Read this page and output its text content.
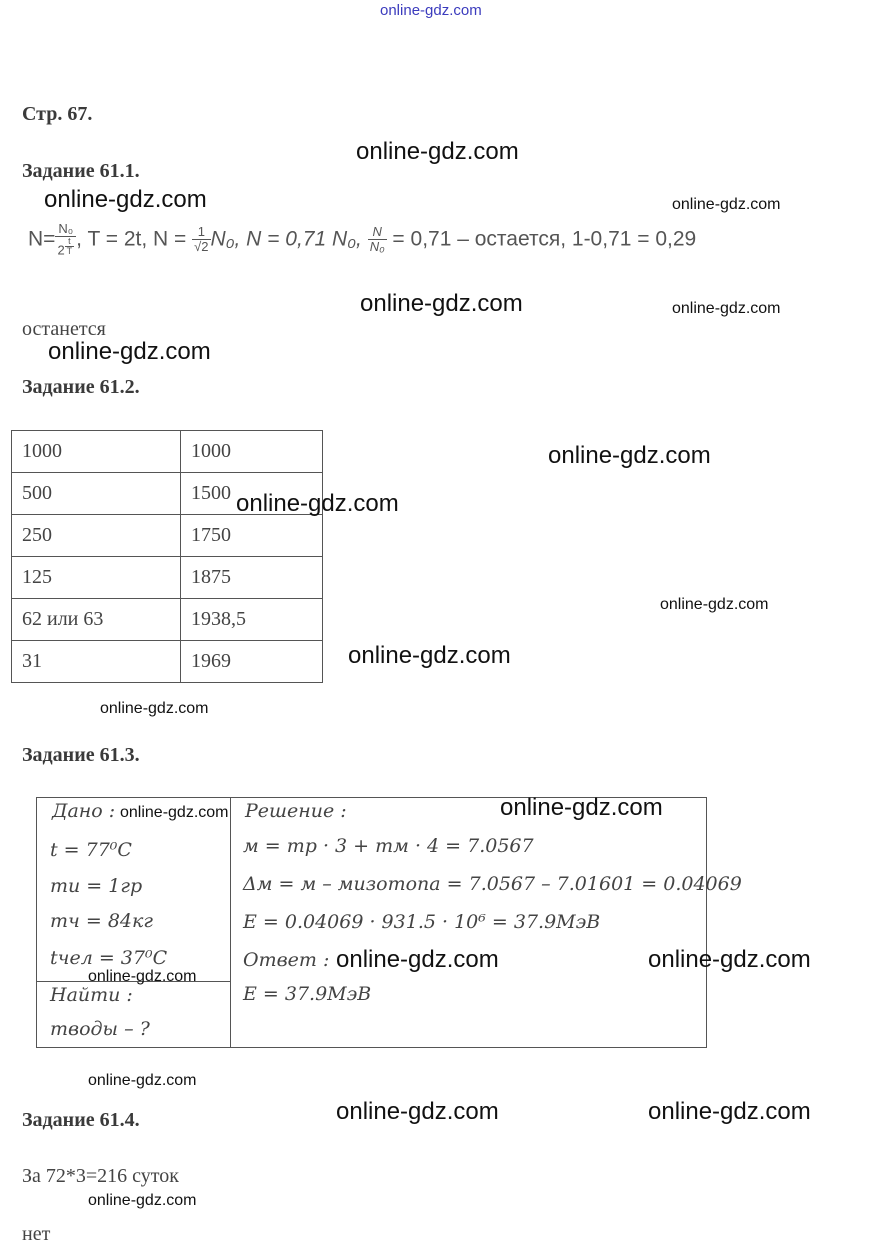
online-gdz.com
Стр. 67.
Задание 61.1.
N= N₀
2 $^{\frac{t}{T}}$ , T = 2t, $N = \frac{1}{√2} N_0$, N = 0,71 N₀, $\frac{N}{\text{N₀}} = 0,71$ – остается, 1-0,71 = 0,29
останется
Задание 61.2.
1000	1000
500	1500
250	1750
125	1875
62 или 63	1938,5
31	1969
Задание 61.3.
Дано :
t = 77⁰C
mи = 1гр
mч = 84кг
tчел = 37⁰C
Найти :
mводы – ?
Решение :
м = mp · 3 + mм · 4 = 7.0567
Δм = м – мизотопа = 7.0567 – 7.01601 = 0.04069
E = 0.04069 · 931.5 · 10⁶ = 37.9МэВ
Ответ :
E = 37.9МэВ
Задание 61.4.
За 72*3=216 суток
нет
online-gdz.com
online-gdz.com	online-gdz.com
online-gdz.com	online-gdz.com
online-gdz.com
online-gdz.com
online-gdz.com
online-gdz.com
online-gdz.com
online-gdz.com
online-gdz.com
online-gdz.com
online-gdz.com	online-gdz.com
online-gdz.com
online-gdz.com
online-gdz.com	online-gdz.com
online-gdz.com
